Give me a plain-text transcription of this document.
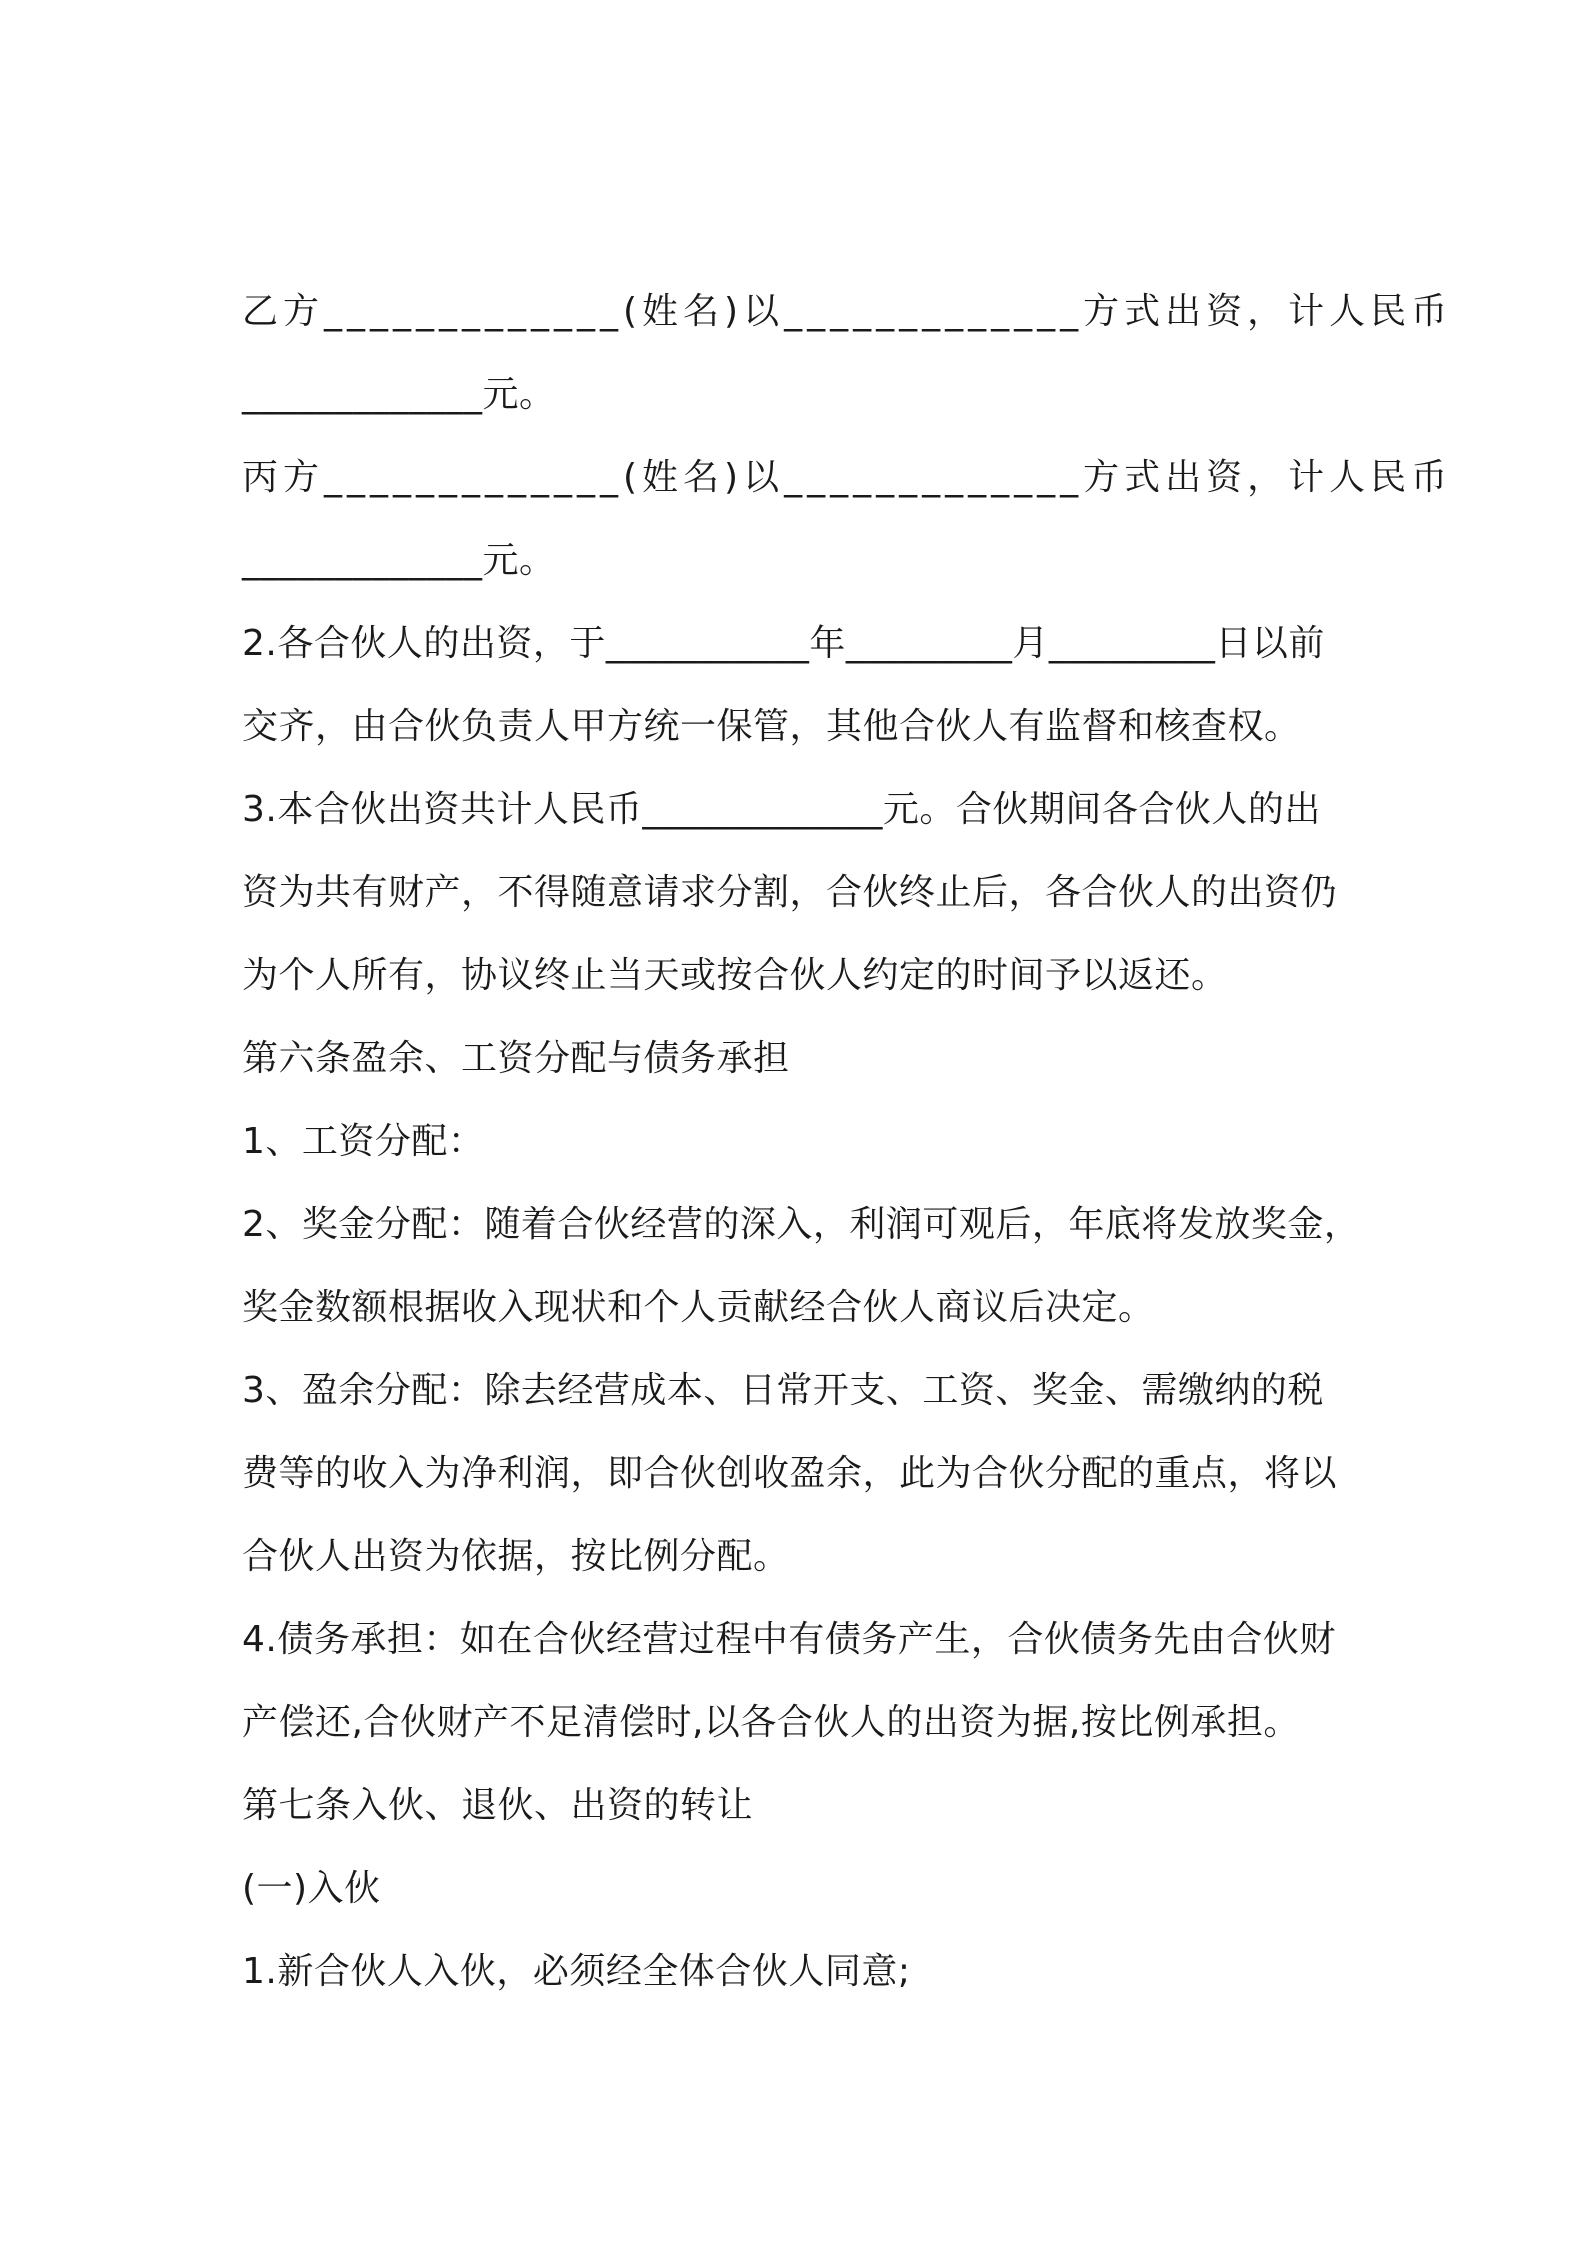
乙方_____________(姓名)以_____________方式出资，计人民币
_____________元。
丙方_____________(姓名)以_____________方式出资，计人民币
_____________元。
2.各合伙人的出资，于___________年_________月_________日以前
交齐，由合伙负责人甲方统一保管，其他合伙人有监督和核查权。
3.本合伙出资共计人民币_____________元。合伙期间各合伙人的出
资为共有财产，不得随意请求分割，合伙终止后，各合伙人的出资仍
为个人所有，协议终止当天或按合伙人约定的时间予以返还。
第六条盈余、工资分配与债务承担
1、工资分配：
2、奖金分配：随着合伙经营的深入，利润可观后，年底将发放奖金，
奖金数额根据收入现状和个人贡献经合伙人商议后决定。
3、盈余分配：除去经营成本、日常开支、工资、奖金、需缴纳的税
费等的收入为净利润，即合伙创收盈余，此为合伙分配的重点，将以
合伙人出资为依据，按比例分配。
4.债务承担：如在合伙经营过程中有债务产生，合伙债务先由合伙财
产偿还,合伙财产不足清偿时,以各合伙人的出资为据,按比例承担。
第七条入伙、退伙、出资的转让
(一)入伙
1.新合伙人入伙，必须经全体合伙人同意;
